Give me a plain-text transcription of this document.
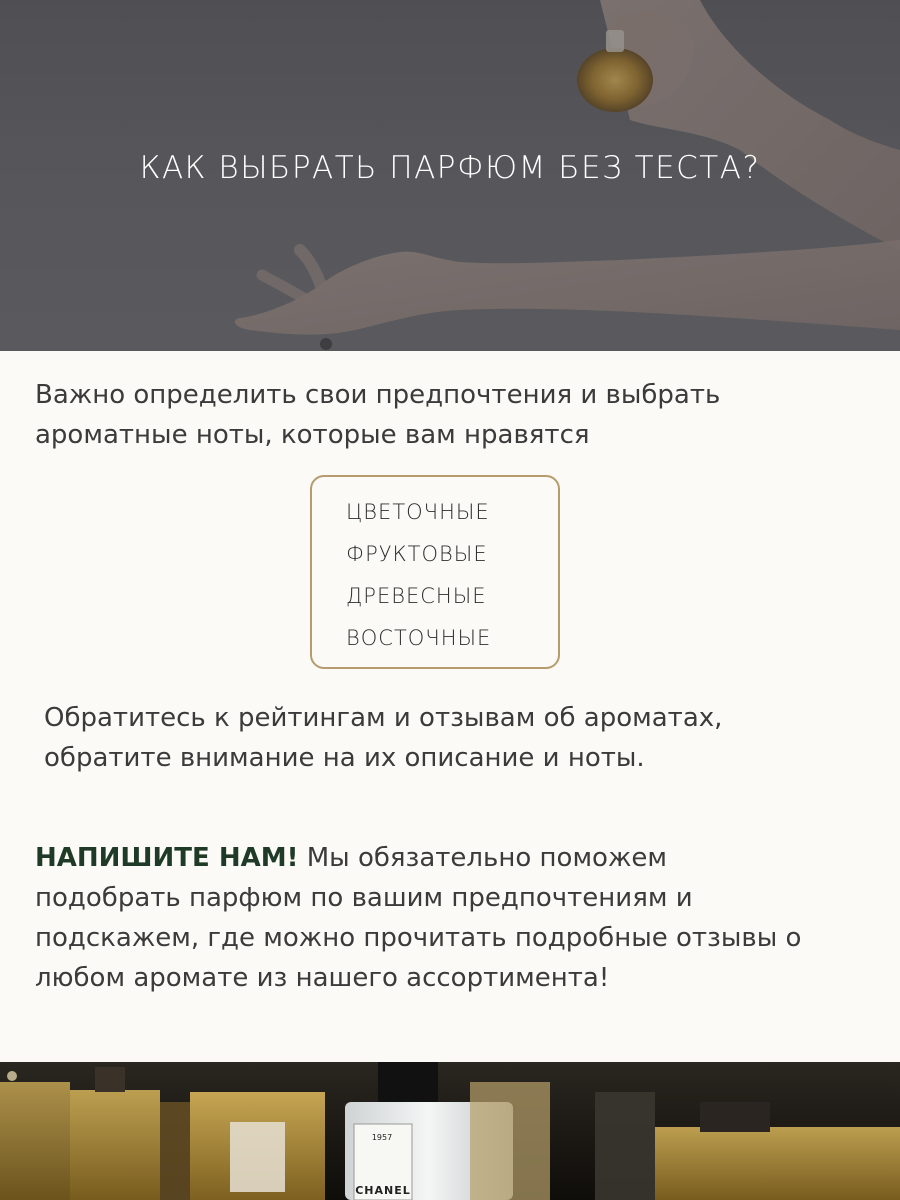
КАК ВЫБРАТЬ ПАРФЮМ БЕЗ ТЕСТА?
Важно определить свои предпочтения и выбрать
ароматные ноты, которые вам нравятся
ЦВЕТОЧНЫЕ
ФРУКТОВЫЕ
ДРЕВЕСНЫЕ
ВОСТОЧНЫЕ
Обратитесь к рейтингам и отзывам об ароматах,
обратите внимание на их описание и ноты.
НАПИШИТЕ НАМ! Мы обязательно поможем
подобрать парфюм по вашим предпочтениям и
подскажем, где можно прочитать подробные отзывы о
любом аромате из нашего ассортимента!
1957
CHANEL
